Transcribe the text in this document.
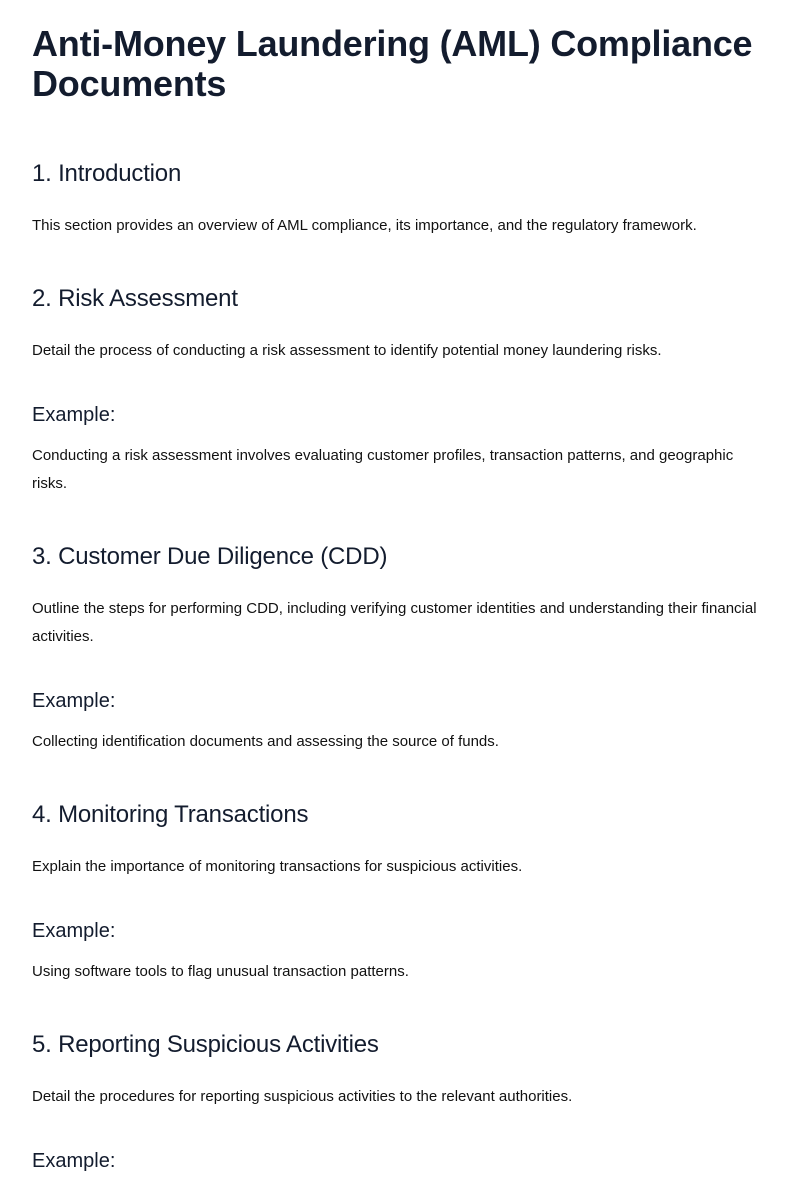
Anti-Money Laundering (AML) Compliance Documents
1. Introduction

This section provides an overview of AML compliance, its importance, and the regulatory framework.

2. Risk Assessment

Detail the process of conducting a risk assessment to identify potential money laundering risks.

Example:

Conducting a risk assessment involves evaluating customer profiles, transaction patterns, and geographic risks.

3. Customer Due Diligence (CDD)

Outline the steps for performing CDD, including verifying customer identities and understanding their financial activities.

Example:

Collecting identification documents and assessing the source of funds.

4. Monitoring Transactions

Explain the importance of monitoring transactions for suspicious activities.

Example:

Using software tools to flag unusual transaction patterns.

5. Reporting Suspicious Activities

Detail the procedures for reporting suspicious activities to the relevant authorities.

Example:
